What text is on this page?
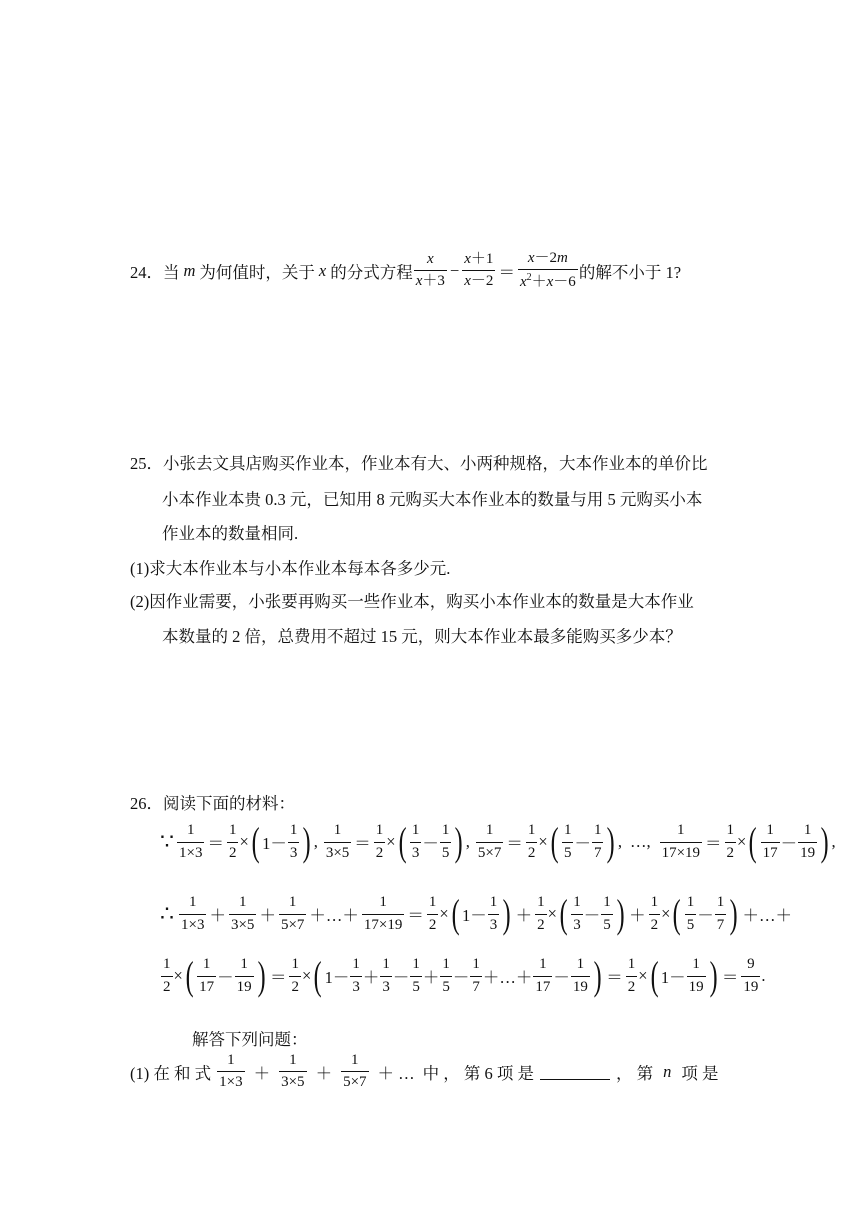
24．当 m 为何值时，关于 x 的分式方程 $\frac{x}{x+3} - \frac{x+1}{x-2} = \frac{x-2m}{x^2+x-6}$ 的解不小于 1?
25．小张去文具店购买作业本，作业本有大、小两种规格，大本作业本的单价比
小本作业本贵 0.3 元，已知用 8 元购买大本作业本的数量与用 5 元购买小本
作业本的数量相同.
(1)求大本作业本与小本作业本每本各多少元.
(2)因作业需要，小张要再购买一些作业本，购买小本作业本的数量是大本作业
本数量的 2 倍，总费用不超过 15 元，则大本作业本最多能购买多少本？
26．阅读下面的材料：
∵ $\frac{1}{1\times 3} = \frac{1}{2}$ × ( $1- \frac{1}{3}$ ) , $\frac{1}{3\times 5} = \frac{1}{2}$ × ( $\frac{1}{3} - \frac{1}{5}$ ) , $\frac{1}{5\times 7} = \frac{1}{2}$ × ( $\frac{1}{5} - \frac{1}{7}$ ) , …, $\frac{1}{17\times 19} = \frac{1}{2}$ × ( $\frac{1}{17} - \frac{1}{19}$ ) ,
∴ $\frac{1}{1\times 3} + \frac{1}{3\times 5} + \frac{1}{5\times 7}$ ＋…＋ $\frac{1}{17\times 19} = \frac{1}{2}$ × ( $1- \frac{1}{3}$ ) ＋ $\frac{1}{2}$ × ( $\frac{1}{3} - \frac{1}{5}$ ) ＋ $\frac{1}{2}$ × ( $\frac{1}{5} - \frac{1}{7}$ ) ＋…＋
$\frac{1}{2}$ × ( $\frac{1}{17} - \frac{1}{19}$ ) ＝ $\frac{1}{2}$ × ( $1- \frac{1}{3} + \frac{1}{3} - \frac{1}{5} + \frac{1}{5} - \frac{1}{7}$ ＋…＋ $\frac{1}{17} - \frac{1}{19}$ ) ＝ $\frac{1}{2}$ × ( $1- \frac{1}{19}$ ) ＝ $\frac{9}{19}$ .
解答下列问题：
(1) 在 和 式 $\frac{1}{1\times 3} + \frac{1}{3\times 5} + \frac{1}{5\times 7}$ ＋ … 中 ， 第 6 项 是	， 第 n 项 是
